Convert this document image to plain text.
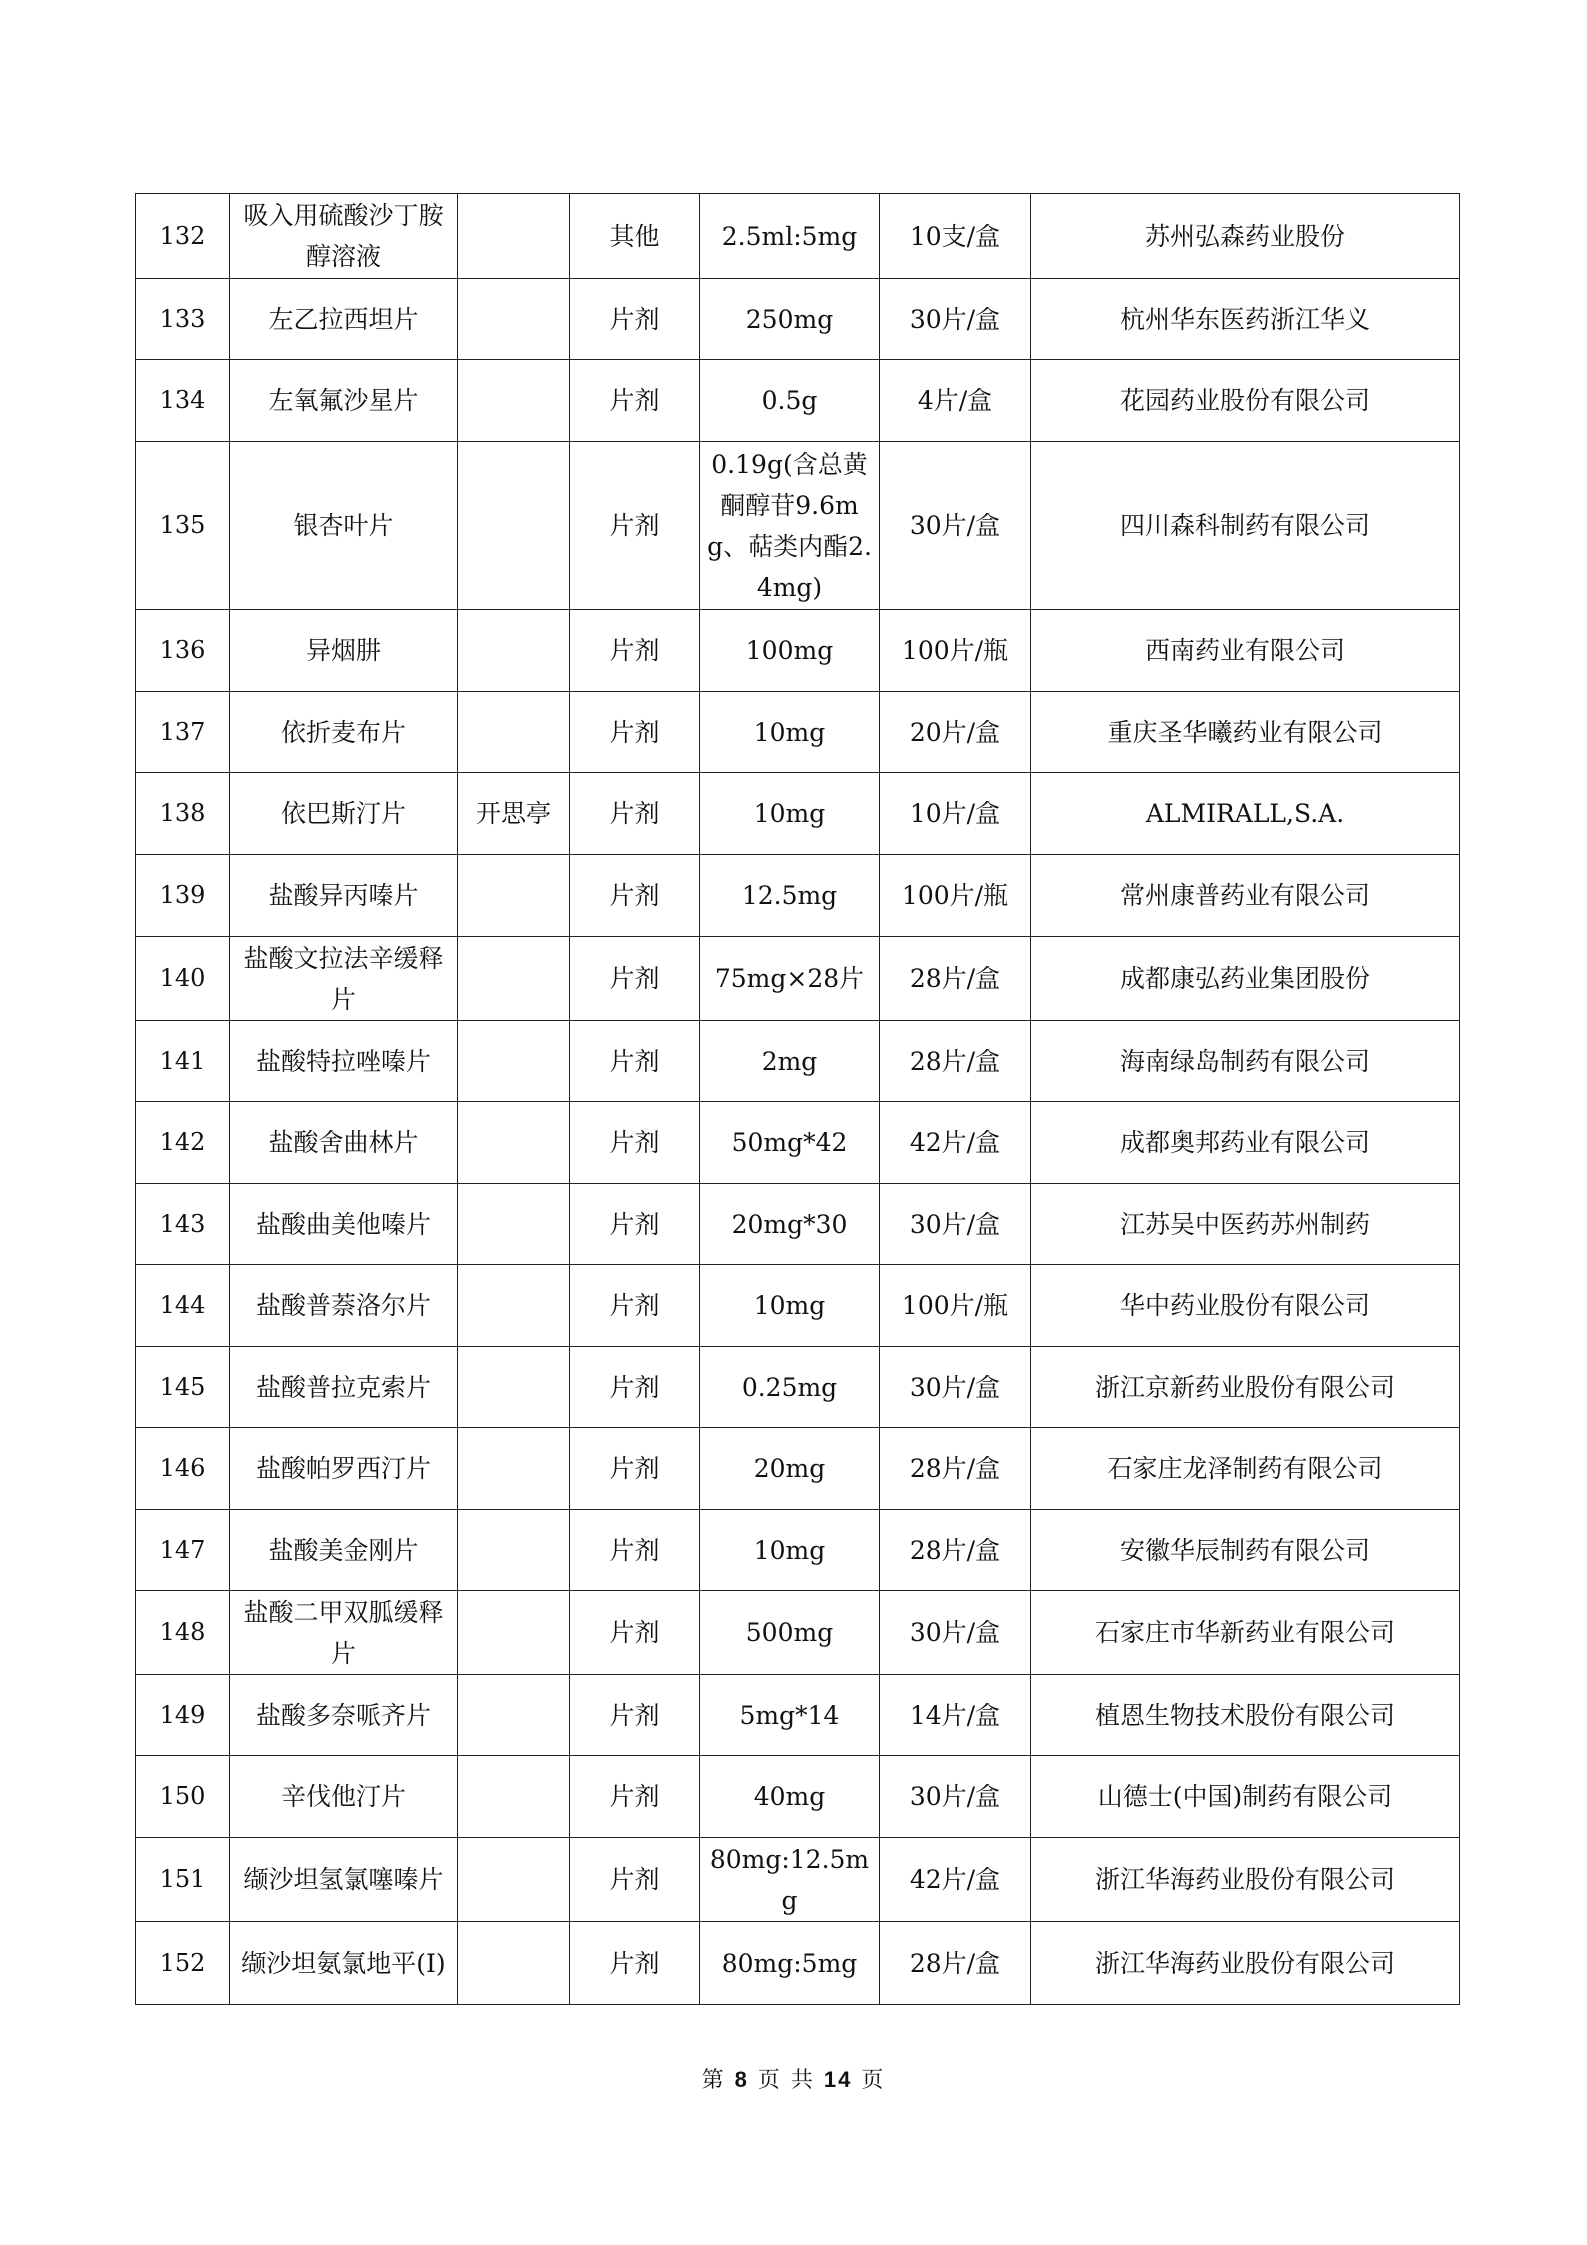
132	吸入用硫酸沙丁胺醇溶液		其他	2.5ml:5mg	10支/盒	苏州弘森药业股份
133	左乙拉西坦片		片剂	250mg	30片/盒	杭州华东医药浙江华义
134	左氧氟沙星片		片剂	0.5g	4片/盒	花园药业股份有限公司
135	银杏叶片		片剂	0.19g(含总黄酮醇苷9.6mg、萜类内酯2.4mg)	30片/盒	四川森科制药有限公司
136	异烟肼		片剂	100mg	100片/瓶	西南药业有限公司
137	依折麦布片		片剂	10mg	20片/盒	重庆圣华曦药业有限公司
138	依巴斯汀片	开思亭	片剂	10mg	10片/盒	ALMIRALL,S.A.
139	盐酸异丙嗪片		片剂	12.5mg	100片/瓶	常州康普药业有限公司
140	盐酸文拉法辛缓释片		片剂	75mg×28片	28片/盒	成都康弘药业集团股份
141	盐酸特拉唑嗪片		片剂	2mg	28片/盒	海南绿岛制药有限公司
142	盐酸舍曲林片		片剂	50mg*42	42片/盒	成都奥邦药业有限公司
143	盐酸曲美他嗪片		片剂	20mg*30	30片/盒	江苏吴中医药苏州制药
144	盐酸普萘洛尔片		片剂	10mg	100片/瓶	华中药业股份有限公司
145	盐酸普拉克索片		片剂	0.25mg	30片/盒	浙江京新药业股份有限公司
146	盐酸帕罗西汀片		片剂	20mg	28片/盒	石家庄龙泽制药有限公司
147	盐酸美金刚片		片剂	10mg	28片/盒	安徽华辰制药有限公司
148	盐酸二甲双胍缓释片		片剂	500mg	30片/盒	石家庄市华新药业有限公司
149	盐酸多奈哌齐片		片剂	5mg*14	14片/盒	植恩生物技术股份有限公司
150	辛伐他汀片		片剂	40mg	30片/盒	山德士(中国)制药有限公司
151	缬沙坦氢氯噻嗪片		片剂	80mg:12.5mg	42片/盒	浙江华海药业股份有限公司
152	缬沙坦氨氯地平(I)		片剂	80mg:5mg	28片/盒	浙江华海药业股份有限公司
第 8 页 共 14 页
